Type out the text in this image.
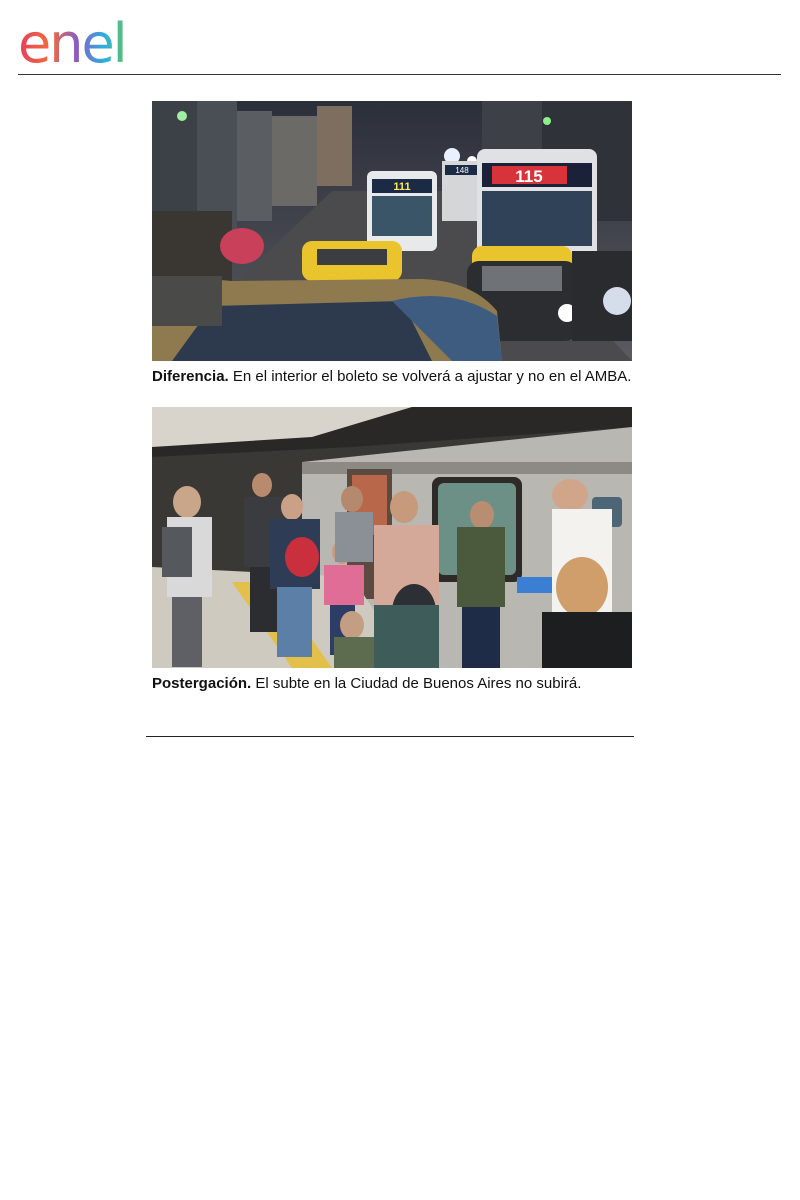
enel
111
148	115
Diferencia. En el interior el boleto se volverá a ajustar y no en el AMBA.
Postergación. El subte en la Ciudad de Buenos Aires no subirá.
